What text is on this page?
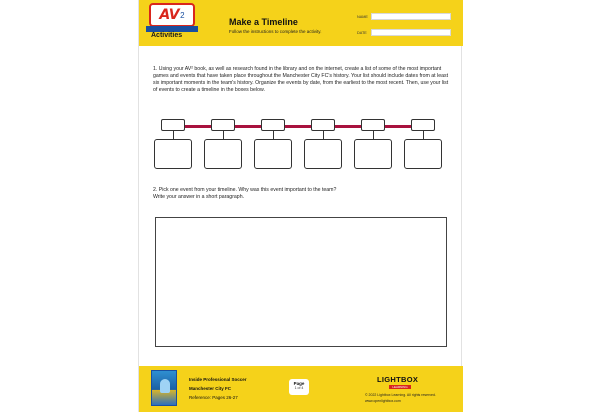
AV 2
Activities
Make a Timeline
Follow the instructions to complete the activity.
NAME
DATE

1. Using your AV² book, as well as research found in the library and on the internet, create a list of some of the most important games and events that have taken place throughout the Manchester City FC's history. Your list should include dates from at least six important moments in the team's history. Organize the events by date, from the earliest to the most recent. Then, use your list of events to create a timeline in the boxes below.

2. Pick one event from your timeline. Why was this event important to the team?
Write your answer in a short paragraph.
Inside Professional Soccer
Manchester City FC
Reference: Pages 26-27
Page
1 of 4
LIGHTBOX
LEARNING
© 2022 Lightbox Learning. All rights reserved.
www.openlightbox.com
